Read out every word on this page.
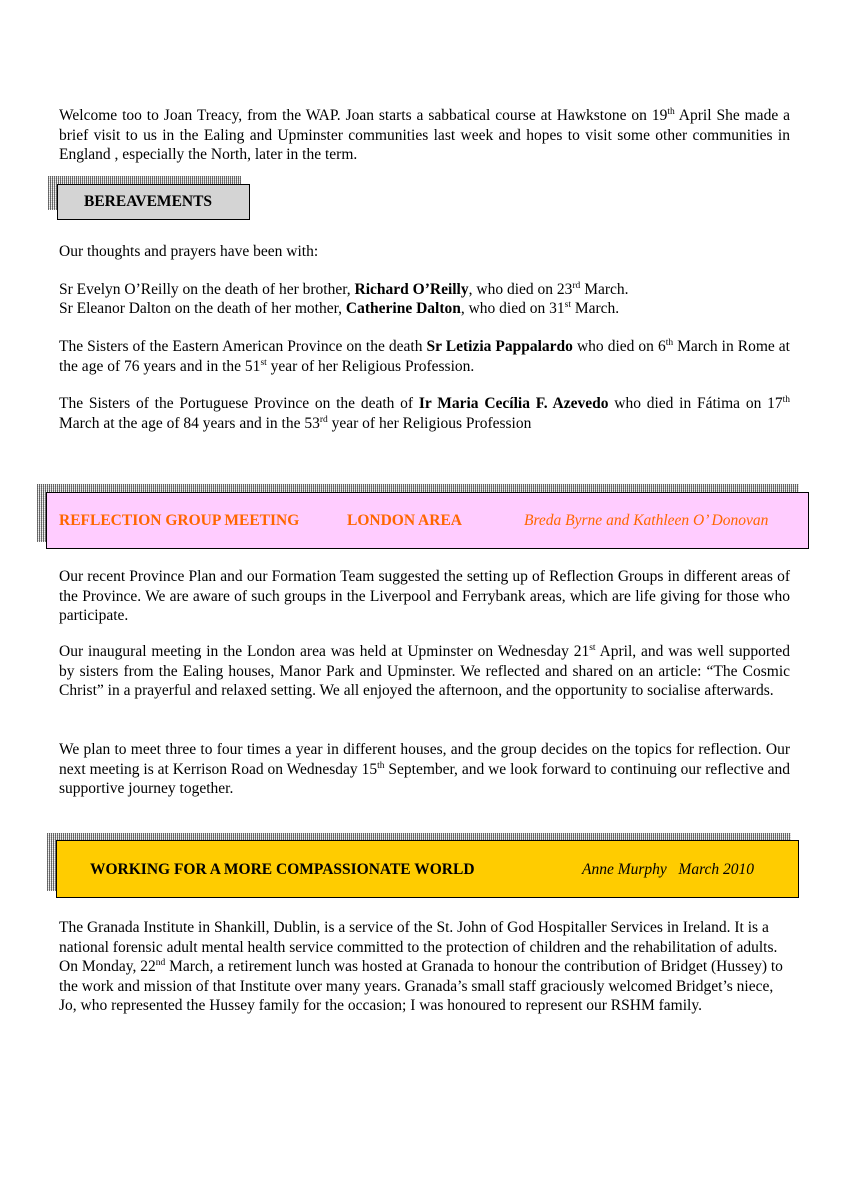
Welcome too to Joan Treacy, from the WAP. Joan starts a sabbatical course at Hawkstone on 19th April She made a brief visit to us in the Ealing and Upminster communities last week and hopes to visit some other communities in England , especially the North, later in the term.

BEREAVEMENTS

Our thoughts and prayers have been with:

Sr Evelyn O’Reilly on the death of her brother, Richard O’Reilly, who died on 23rd March.

Sr Eleanor Dalton on the death of her mother, Catherine Dalton, who died on 31st March.

The Sisters of the Eastern American Province on the death Sr Letizia Pappalardo who died on 6th March in Rome at the age of 76 years and in the 51st year of her Religious Profession.

The Sisters of the Portuguese Province on the death of Ir Maria Cecília F. Azevedo who died in Fátima on 17th March at the age of 84 years and in the 53rd year of her Religious Profession

REFLECTION GROUP MEETING	LONDON AREA	Breda Byrne and Kathleen O’ Donovan

Our recent Province Plan and our Formation Team suggested the setting up of Reflection Groups in different areas of the Province. We are aware of such groups in the Liverpool and Ferrybank areas, which are life giving for those who participate.

Our inaugural meeting in the London area was held at Upminster on Wednesday 21st April, and was well supported by sisters from the Ealing houses, Manor Park and Upminster. We reflected and shared on an article: “The Cosmic Christ” in a prayerful and relaxed setting. We all enjoyed the afternoon, and the opportunity to socialise afterwards.

We plan to meet three to four times a year in different houses, and the group decides on the topics for reflection. Our next meeting is at Kerrison Road on Wednesday 15th September, and we look forward to continuing our reflective and supportive journey together.

WORKING FOR A MORE COMPASSIONATE WORLD	Anne Murphy   March 2010

The Granada Institute in Shankill, Dublin, is a service of the St. John of God Hospitaller Services in Ireland. It is a national forensic adult mental health service committed to the protection of children and the rehabilitation of adults. On Monday, 22nd March, a retirement lunch was hosted at Granada to honour the contribution of Bridget (Hussey) to the work and mission of that Institute over many years. Granada’s small staff graciously welcomed Bridget’s niece, Jo, who represented the Hussey family for the occasion; I was honoured to represent our RSHM family.
